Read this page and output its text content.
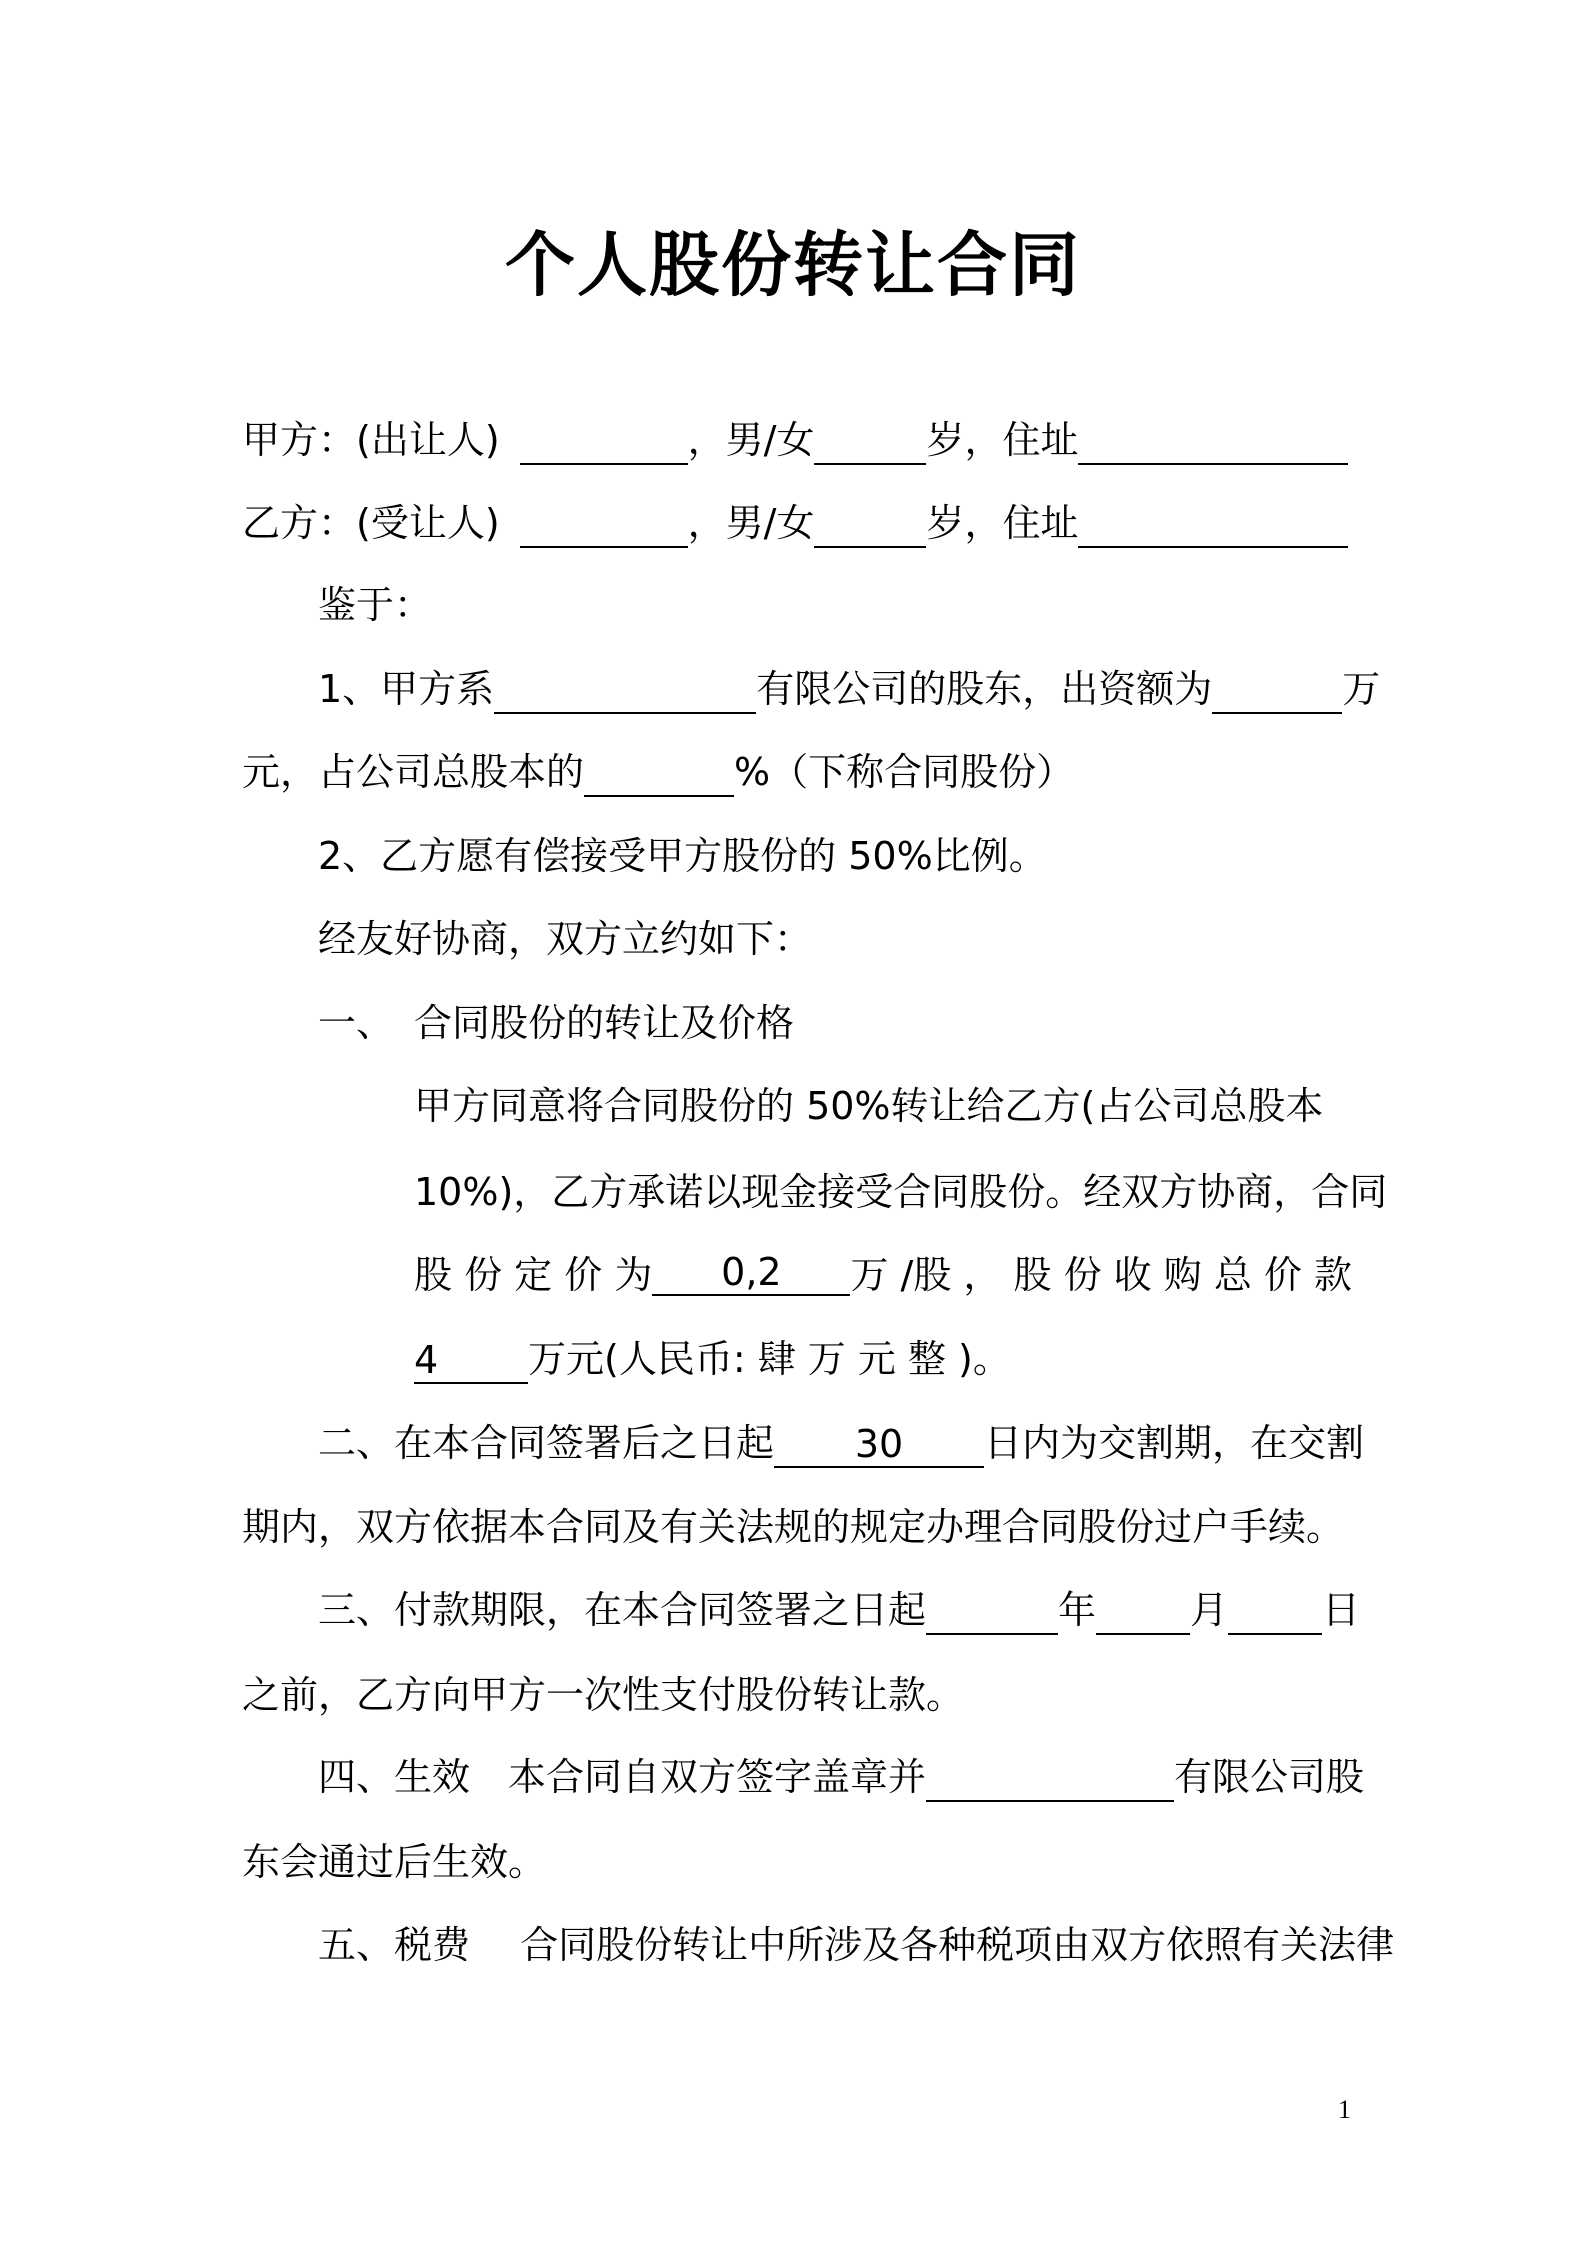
个人股份转让合同
甲方：(出让人)	，男/女	岁，住址
乙方：(受让人)	，男/女	岁，住址
鉴于：
1、甲方系	有限公司的股东，出资额为	万
元，占公司总股本的	%（下称合同股份）
2、乙方愿有偿接受甲方股份的 50%比例。
经友好协商，双方立约如下：
一、 合同股份的转让及价格
甲方同意将合同股份的 50%转让给乙方(占公司总股本
10%)，乙方承诺以现金接受合同股份。经双方协商，合同
股 份 定 价 为	0,2	万 /股 ， 股 份 收 购 总 价 款
4 万元(人民币: 肆 万 元 整 )。
二、在本合同签署后之日起 30 日内为交割期，在交割
期内，双方依据本合同及有关法规的规定办理合同股份过户手续。
三、付款期限，在本合同签署之日起	年 月 日
之前，乙方向甲方一次性支付股份转让款。
四、生效　本合同自双方签字盖章并	有限公司股
东会通过后生效。
五、税费　 合同股份转让中所涉及各种税项由双方依照有关法律
1
